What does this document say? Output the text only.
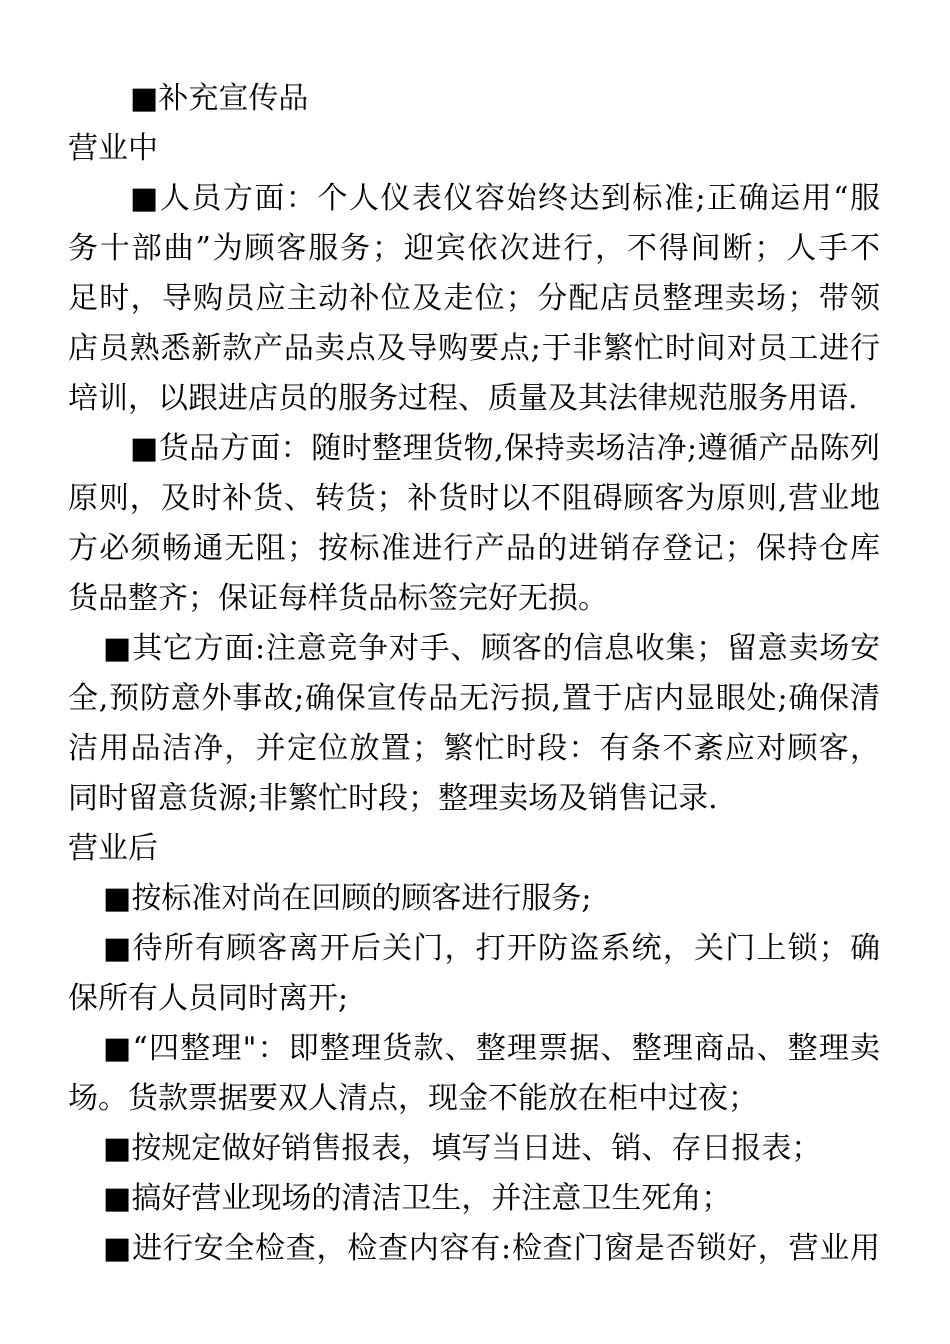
■补充宣传品
营业中
■人员方面：个人仪表仪容始终达到标准;正确运用“服
务十部曲”为顾客服务；迎宾依次进行，不得间断；人手不
足时，导购员应主动补位及走位；分配店员整理卖场；带领
店员熟悉新款产品卖点及导购要点;于非繁忙时间对员工进行
培训，以跟进店员的服务过程、质量及其法律规范服务用语.
■货品方面：随时整理货物,保持卖场洁净;遵循产品陈列
原则，及时补货、转货；补货时以不阻碍顾客为原则,营业地
方必须畅通无阻；按标准进行产品的进销存登记；保持仓库
货品整齐；保证每样货品标签完好无损。
■其它方面:注意竞争对手、顾客的信息收集；留意卖场安
全,预防意外事故;确保宣传品无污损,置于店内显眼处;确保清
洁用品洁净，并定位放置；繁忙时段：有条不紊应对顾客，
同时留意货源;非繁忙时段；整理卖场及销售记录.
营业后
■按标准对尚在回顾的顾客进行服务;
■待所有顾客离开后关门，打开防盗系统，关门上锁；确
保所有人员同时离开;
■“四整理"：即整理货款、整理票据、整理商品、整理卖
场。货款票据要双人清点，现金不能放在柜中过夜；
■按规定做好销售报表，填写当日进、销、存日报表；
■搞好营业现场的清洁卫生，并注意卫生死角；
■进行安全检查，检查内容有:检查门窗是否锁好，营业用
